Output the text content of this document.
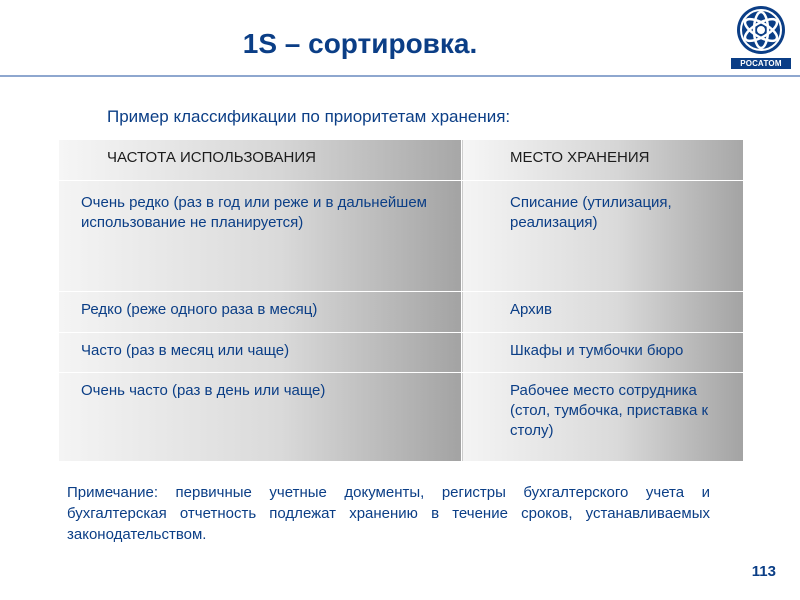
1S – сортировка.
РОСАТОМ
Пример классификации по приоритетам хранения:
ЧАСТОТА ИСПОЛЬЗОВАНИЯ	МЕСТО ХРАНЕНИЯ
Очень редко (раз в год или реже и в дальнейшем использование не планируется)	Списание (утилизация, реализация)
Редко (реже одного раза в месяц)	Архив
Часто (раз в месяц или чаще)	Шкафы и тумбочки бюро
Очень часто (раз в день или чаще)	Рабочее место сотрудника (стол, тумбочка, приставка к столу)
Примечание: первичные учетные документы, регистры бухгалтерского учета и бухгалтерская отчетность подлежат хранению в течение сроков, устанавливаемых законодательством.
113
